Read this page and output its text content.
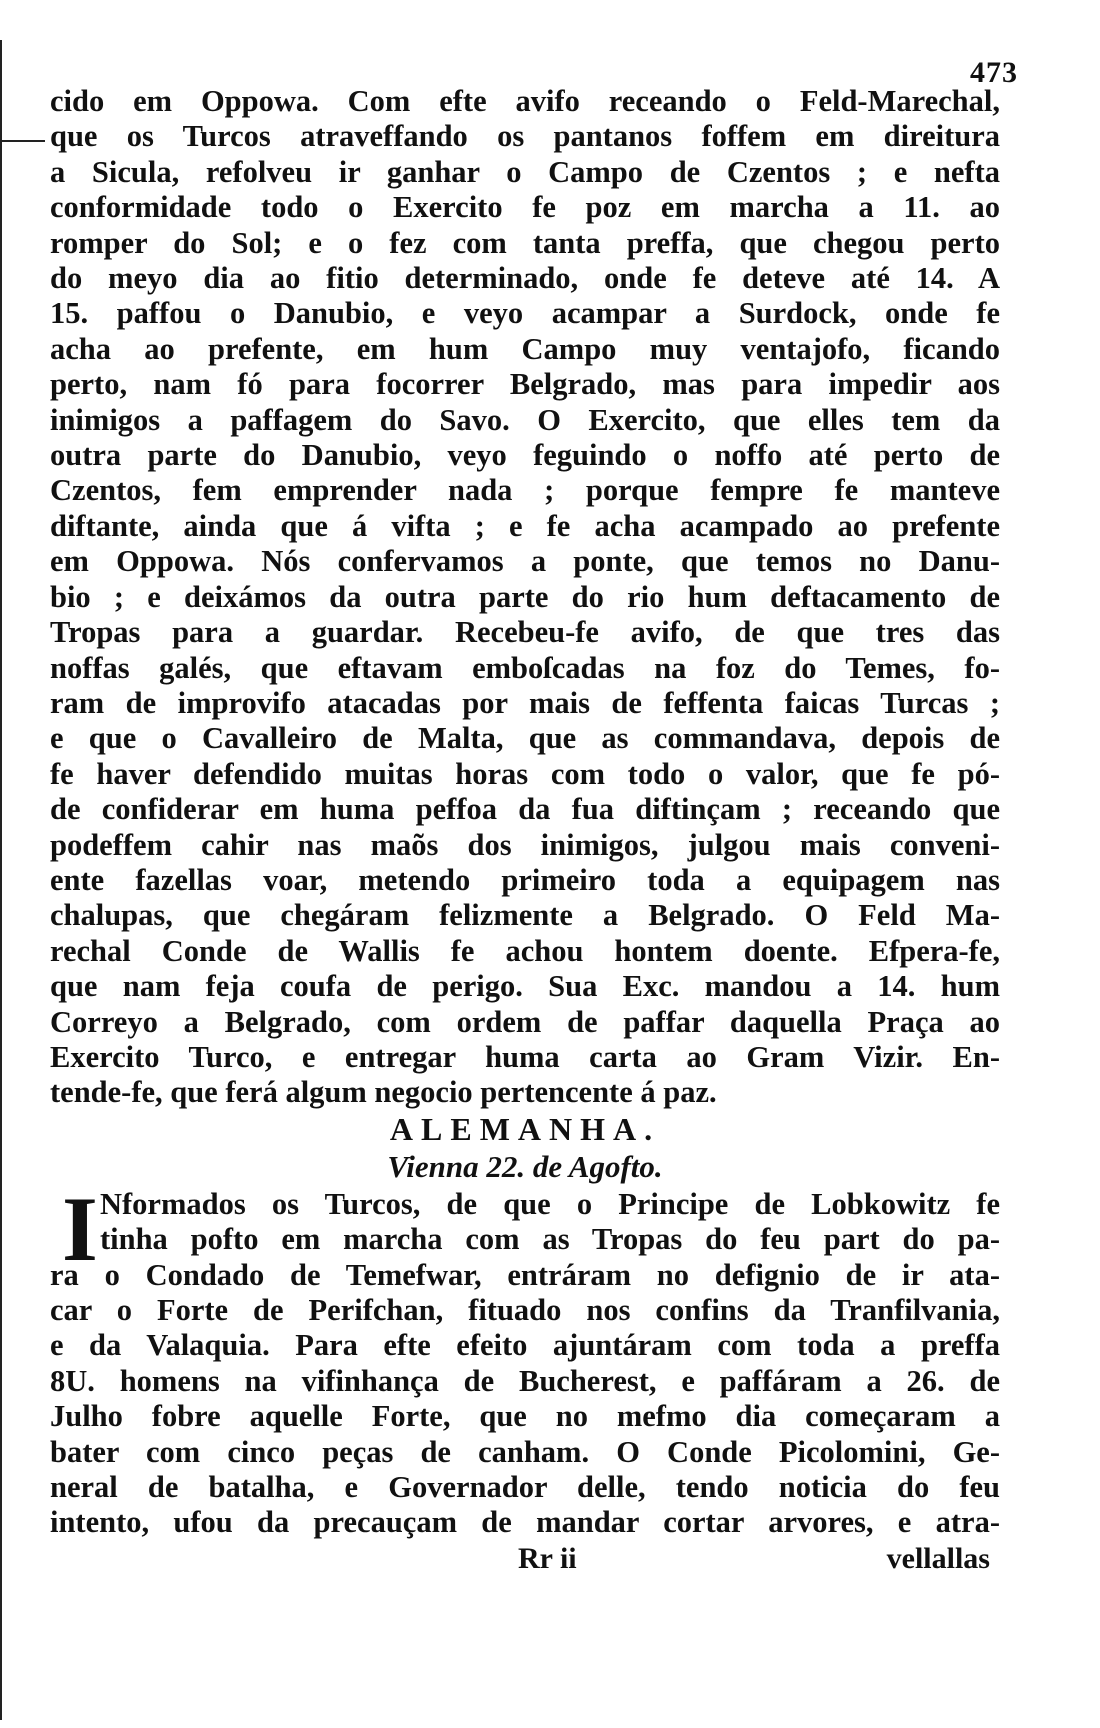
473
cido em Oppowa. Com efte avifo receando o Feld-Marechal,
que os Turcos atraveffando os pantanos foffem em direitura
a Sicula, refolveu ir ganhar o Campo de Czentos ; e nefta
conformidade todo o Exercito fe poz em marcha a 11. ao
romper do Sol; e o fez com tanta preffa, que chegou perto
do meyo dia ao fitio determinado, onde fe deteve até 14. A
15. paffou o Danubio, e veyo acampar a Surdock, onde fe
acha ao prefente, em hum Campo muy ventajofo, ficando
perto, nam fó para focorrer Belgrado, mas para impedir aos
inimigos a paffagem do Savo. O Exercito, que elles tem da
outra parte do Danubio, veyo feguindo o noffo até perto de
Czentos, fem emprender nada ; porque fempre fe manteve
diftante, ainda que á vifta ; e fe acha acampado ao prefente
em Oppowa. Nós confervamos a ponte, que temos no Danu-
bio ; e deixámos da outra parte do rio hum deftacamento de
Tropas para a guardar. Recebeu-fe avifo, de que tres das
noffas galés, que eftavam emboſcadas na foz do Temes, fo-
ram de improvifo atacadas por mais de feffenta faicas Turcas ;
e que o Cavalleiro de Malta, que as commandava, depois de
fe haver defendido muitas horas com todo o valor, que fe pó-
de confiderar em huma peffoa da fua diftinçam ; receando que
podeffem cahir nas maõs dos inimigos, julgou mais conveni-
ente fazellas voar, metendo primeiro toda a equipagem nas
chalupas, que chegáram felizmente a Belgrado. O Feld Ma-
rechal Conde de Wallis fe achou hontem doente. Efpera-fe,
que nam feja coufa de perigo. Sua Exc. mandou a 14. hum
Correyo a Belgrado, com ordem de paffar daquella Praça ao
Exercito Turco, e entregar huma carta ao Gram Vizir. En-
tende-fe, que ferá algum negocio pertencente á paz.
ALEMANHA.
Vienna 22. de Agofto.
I Nformados os Turcos, de que o Principe de Lobkowitz fe
tinha pofto em marcha com as Tropas do feu part do pa-
ra o Condado de Temefwar, entráram no defignio de ir ata-
car o Forte de Perifchan, fituado nos confins da Tranfilvania,
e da Valaquia. Para efte efeito ajuntáram com toda a preffa
8U. homens na vifinhança de Bucherest, e paffáram a 26. de
Julho fobre aquelle Forte, que no mefmo dia começaram a
bater com cinco peças de canham. O Conde Picolomini, Ge-
neral de batalha, e Governador delle, tendo noticia do feu
intento, ufou da precauçam de mandar cortar arvores, e atra-
Rr ii	vellallas
